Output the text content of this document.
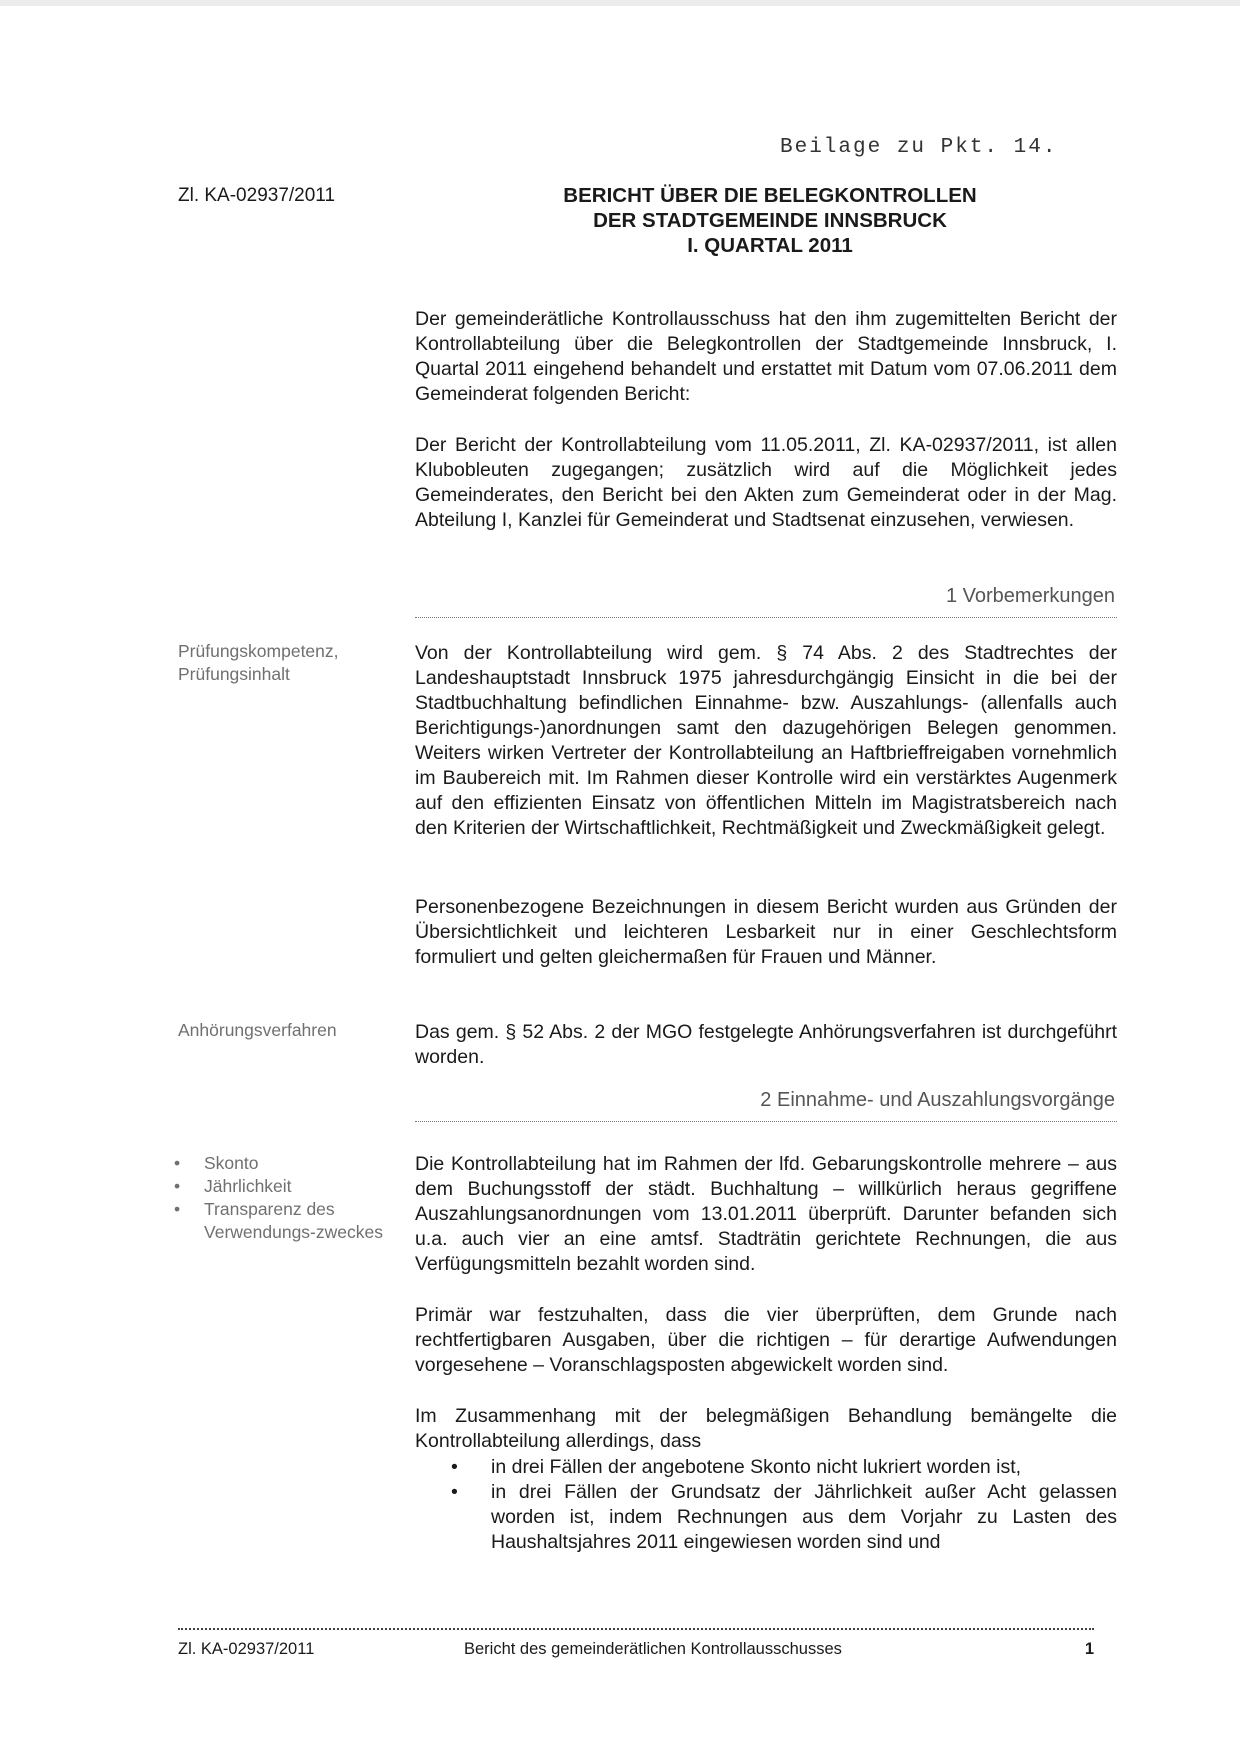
Beilage zu Pkt. 14.
Zl. KA-02937/2011	BERICHT ÜBER DIE BELEGKONTROLLEN
DER STADTGEMEINDE INNSBRUCK
I. QUARTAL 2011

Der gemeinderätliche Kontrollausschuss hat den ihm zugemittelten Bericht der Kontrollabteilung über die Belegkontrollen der Stadtgemeinde Innsbruck, I. Quartal 2011 eingehend behandelt und erstattet mit Datum vom 07.06.2011 dem Gemeinderat folgenden Bericht:

Der Bericht der Kontrollabteilung vom 11.05.2011, Zl. KA-02937/2011, ist allen Klubobleuten zugegangen; zusätzlich wird auf die Möglichkeit jedes Gemeinderates, den Bericht bei den Akten zum Gemeinderat oder in der Mag. Abteilung I, Kanzlei für Gemeinderat und Stadtsenat einzusehen, verwiesen.

1 Vorbemerkungen
Prüfungskompetenz, Prüfungsinhalt

Von der Kontrollabteilung wird gem. § 74 Abs. 2 des Stadtrechtes der Landeshauptstadt Innsbruck 1975 jahresdurchgängig Einsicht in die bei der Stadtbuchhaltung befindlichen Einnahme- bzw. Auszahlungs- (allenfalls auch Berichtigungs-)anordnungen samt den dazugehörigen Belegen genommen. Weiters wirken Vertreter der Kontrollabteilung an Haftbrieffreigaben vornehmlich im Baubereich mit. Im Rahmen dieser Kontrolle wird ein verstärktes Augenmerk auf den effizienten Einsatz von öffentlichen Mitteln im Magistratsbereich nach den Kriterien der Wirtschaftlichkeit, Rechtmäßigkeit und Zweckmäßigkeit gelegt.

Personenbezogene Bezeichnungen in diesem Bericht wurden aus Gründen der Übersichtlichkeit und leichteren Lesbarkeit nur in einer Geschlechtsform formuliert und gelten gleichermaßen für Frauen und Männer.

Anhörungsverfahren	Das gem. § 52 Abs. 2 der MGO festgelegte Anhörungsverfahren ist durchgeführt worden.

2 Einnahme- und Auszahlungsvorgänge
• Skonto
• Jährlichkeit
• Transparenz des Verwendungs-zweckes

Die Kontrollabteilung hat im Rahmen der lfd. Gebarungskontrolle mehrere – aus dem Buchungsstoff der städt. Buchhaltung – willkürlich heraus gegriffene Auszahlungsanordnungen vom 13.01.2011 überprüft. Darunter befanden sich u.a. auch vier an eine amtsf. Stadträtin gerichtete Rechnungen, die aus Verfügungsmitteln bezahlt worden sind.

Primär war festzuhalten, dass die vier überprüften, dem Grunde nach rechtfertigbaren Ausgaben, über die richtigen – für derartige Aufwendungen vorgesehene – Voranschlagsposten abgewickelt worden sind.

Im Zusammenhang mit der belegmäßigen Behandlung bemängelte die Kontrollabteilung allerdings, dass

• in drei Fällen der angebotene Skonto nicht lukriert worden ist,
• in drei Fällen der Grundsatz der Jährlichkeit außer Acht gelassen worden ist, indem Rechnungen aus dem Vorjahr zu Lasten des Haushaltsjahres 2011 eingewiesen worden sind und
Zl. KA-02937/2011	Bericht des gemeinderätlichen Kontrollausschusses	1
